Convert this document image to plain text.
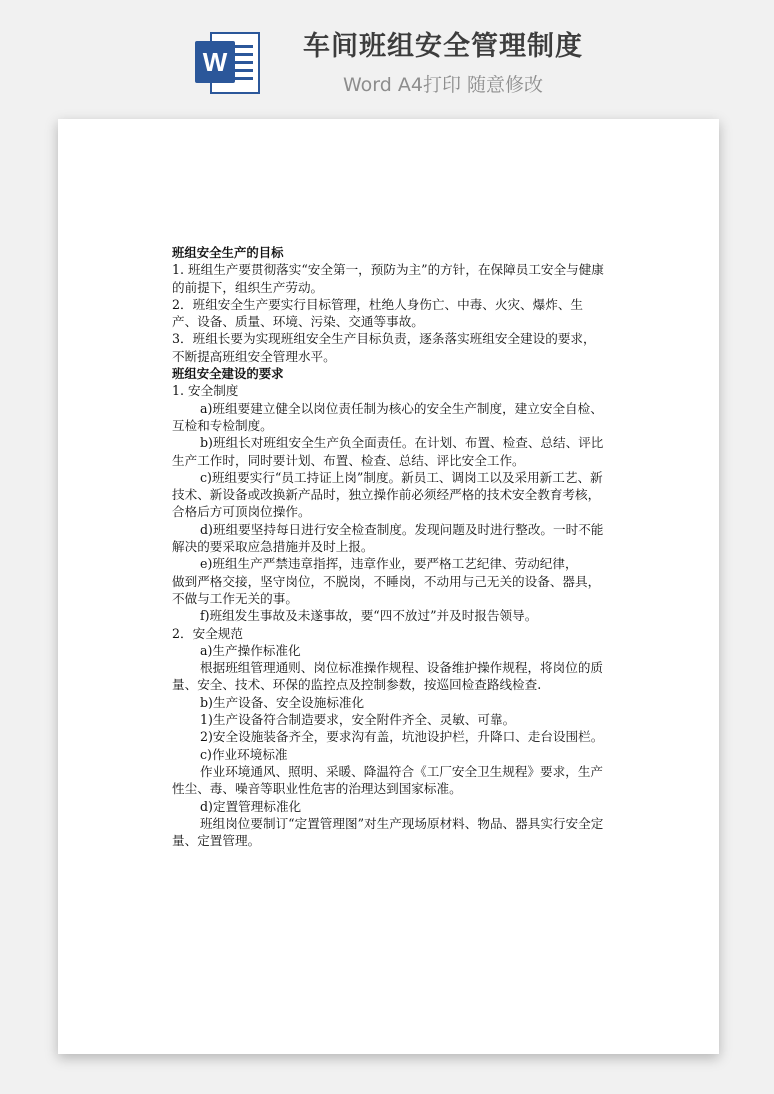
W	车间班组安全管理制度
Word A4打印 随意修改

班组安全生产的目标

1. 班组生产要贯彻落实“安全第一，预防为主”的方针，在保障员工安全与健康的前提下，组织生产劳动。

2．班组安全生产要实行目标管理，杜绝人身伤亡、中毒、火灾、爆炸、生产、设备、质量、环境、污染、交通等事故。

3．班组长要为实现班组安全生产目标负责，逐条落实班组安全建设的要求，不断提高班组安全管理水平。

班组安全建设的要求

1. 安全制度

a)班组要建立健全以岗位责任制为核心的安全生产制度，建立安全自检、互检和专检制度。

b)班组长对班组安全生产负全面责任。在计划、布置、检查、总结、评比生产工作时，同时要计划、布置、检查、总结、评比安全工作。

c)班组要实行“员工持证上岗”制度。新员工、调岗工以及采用新工艺、新技术、新设备或改换新产品时，独立操作前必须经严格的技术安全教育考核，合格后方可顶岗位操作。

d)班组要坚持每日进行安全检查制度。发现问题及时进行整改。一时不能解决的要采取应急措施并及时上报。

e)班组生产严禁违章指挥，违章作业，要严格工艺纪律、劳动纪律，

做到严格交接，坚守岗位，不脱岗，不睡岗，不动用与己无关的设备、器具，不做与工作无关的事。

f)班组发生事故及未遂事故，要“四不放过”并及时报告领导。

2．安全规范

a)生产操作标准化

根据班组管理通则、岗位标准操作规程、设备维护操作规程，将岗位的质量、安全、技术、环保的监控点及控制参数，按巡回检查路线检查.

b)生产设备、安全设施标准化

1)生产设备符合制造要求，安全附件齐全、灵敏、可靠。

2)安全设施装备齐全，要求沟有盖，坑池设护栏，升降口、走台设围栏。

c)作业环境标准

作业环境通风、照明、采暖、降温符合《工厂安全卫生规程》要求，生产性尘、毒、噪音等职业性危害的治理达到国家标准。

d)定置管理标准化

班组岗位要制订“定置管理图”对生产现场原材料、物品、器具实行安全定量、定置管理。
